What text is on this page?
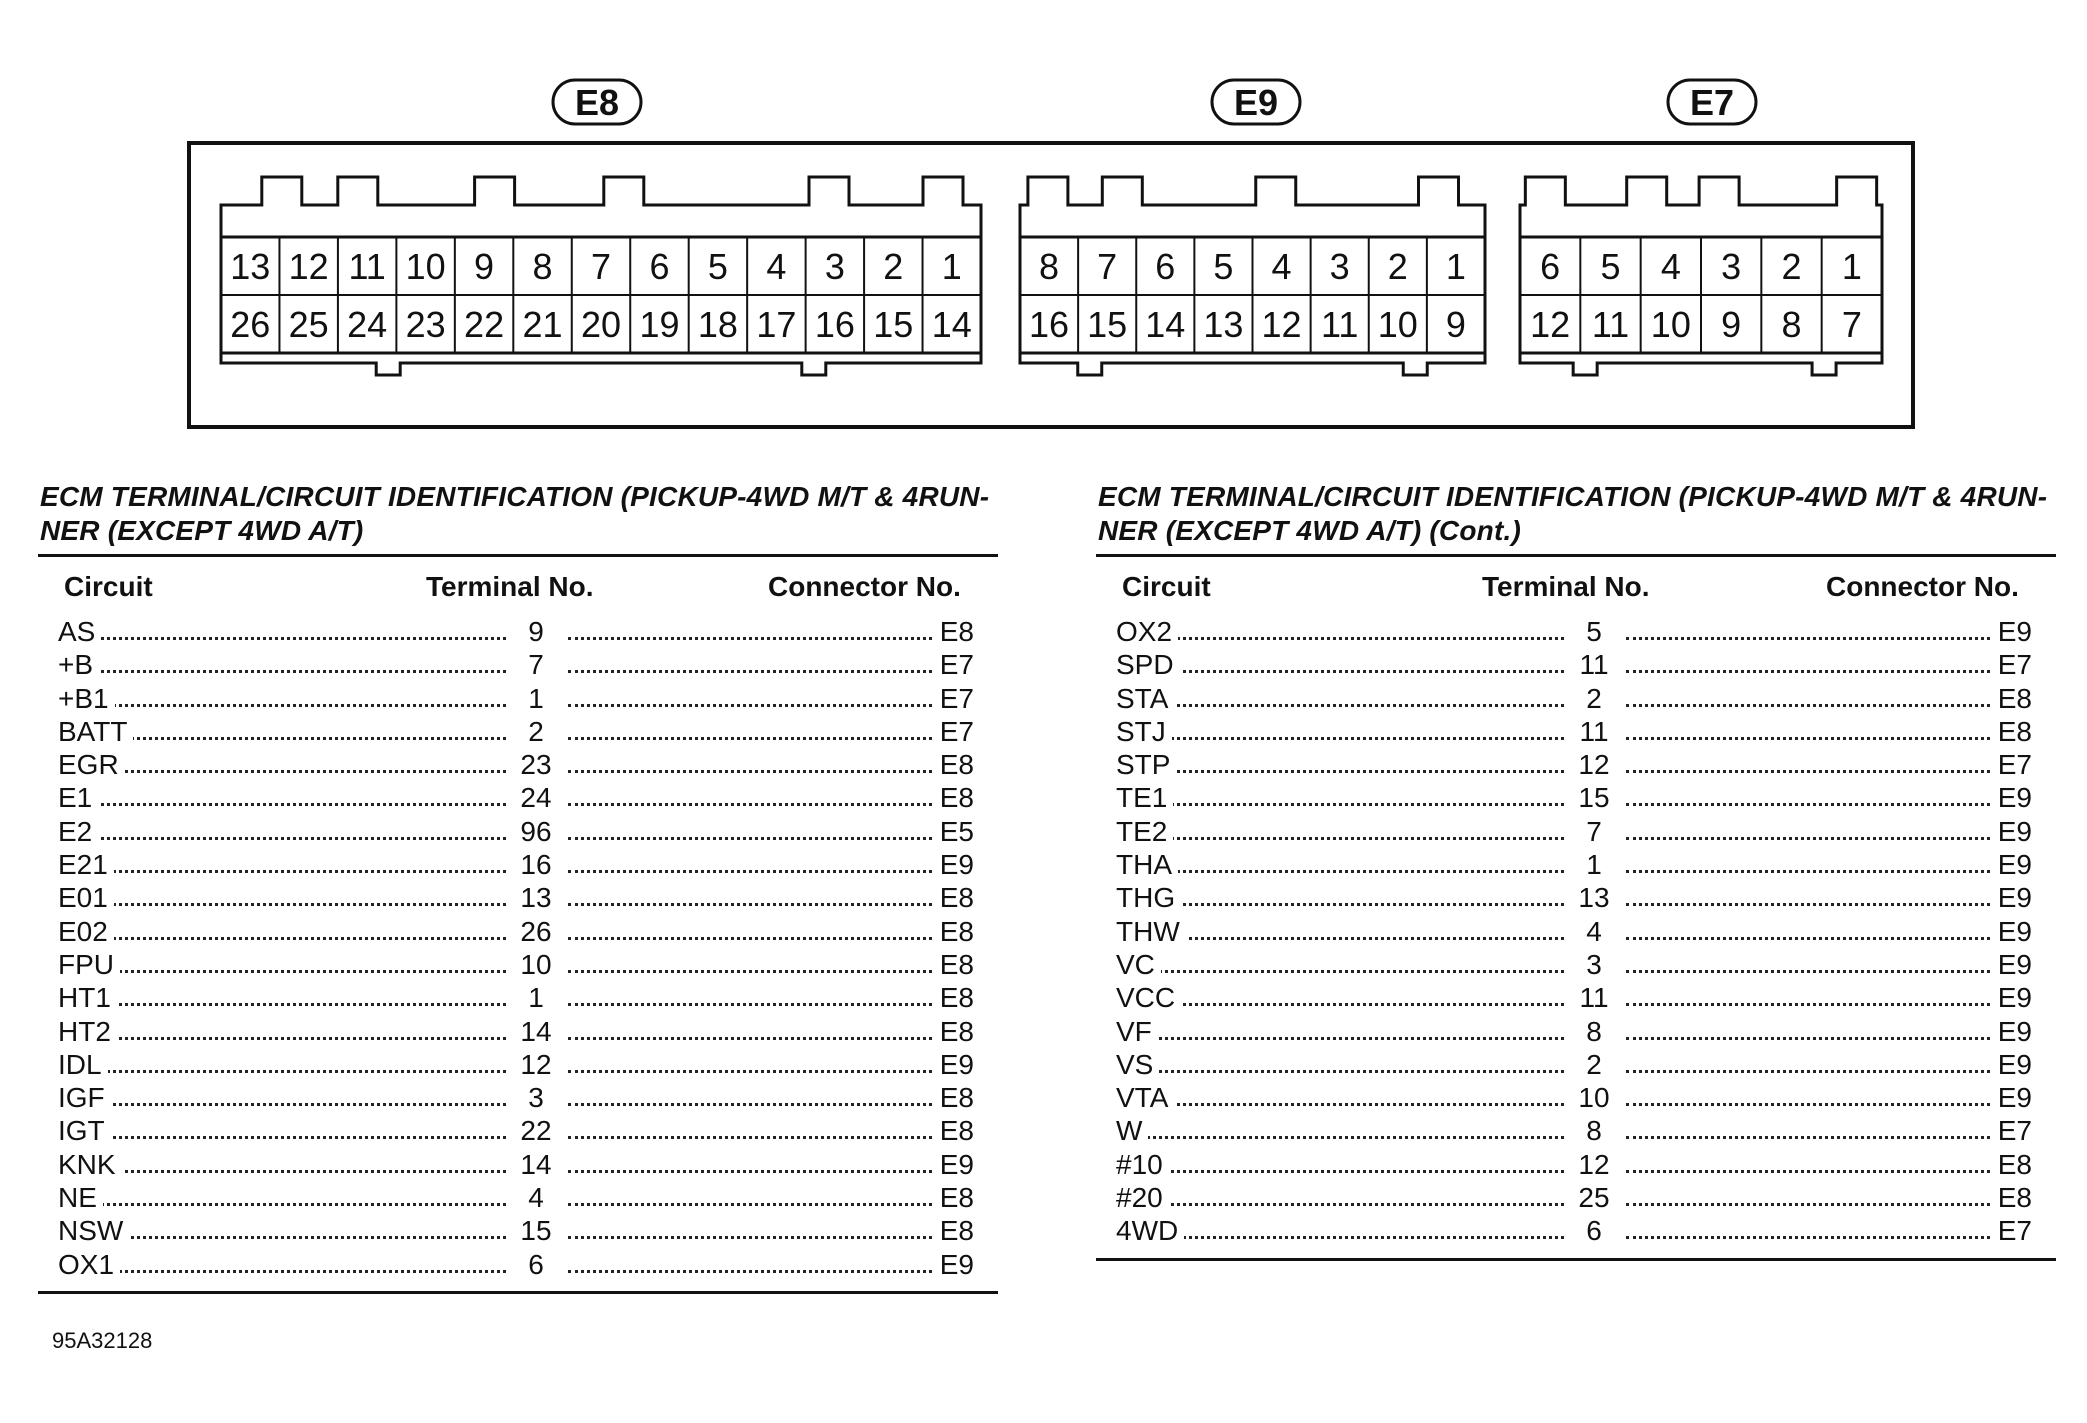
E8
13 12 11 10 9 8 7 6 5 4 3 2 1
26 25 24 23 22 21 20 19 18 17 16 15 14
E9
8 7 6 5 4 3 2 1
16 15 14 13 12 11 10 9
E7
6 5 4 3 2 1
12 11 10 9 8 7
ECM TERMINAL/CIRCUIT IDENTIFICATION (PICKUP-4WD M/T & 4RUN-
NER (EXCEPT 4WD A/T)
Circuit	Terminal No.	Connector No.
AS	9	E8
+B	7	E7
+B1	1	E7
BATT	2	E7
EGR	23	E8
E1	24	E8
E2	96	E5
E21	16	E9
E01	13	E8
E02	26	E8
FPU	10	E8
HT1	1	E8
HT2	14	E8
IDL	12	E9
IGF	3	E8
IGT	22	E8
KNK	14	E9
NE	4	E8
NSW	15	E8
OX1	6	E9
ECM TERMINAL/CIRCUIT IDENTIFICATION (PICKUP-4WD M/T & 4RUN-
NER (EXCEPT 4WD A/T) (Cont.)
Circuit	Terminal No.	Connector No.
OX2	5	E9
SPD	11	E7
STA	2	E8
STJ	11	E8
STP	12	E7
TE1	15	E9
TE2	7	E9
THA	1	E9
THG	13	E9
THW	4	E9
VC	3	E9
VCC	11	E9
VF	8	E9
VS	2	E9
VTA	10	E9
W	8	E7
#10	12	E8
#20	25	E8
4WD	6	E7
95A32128
